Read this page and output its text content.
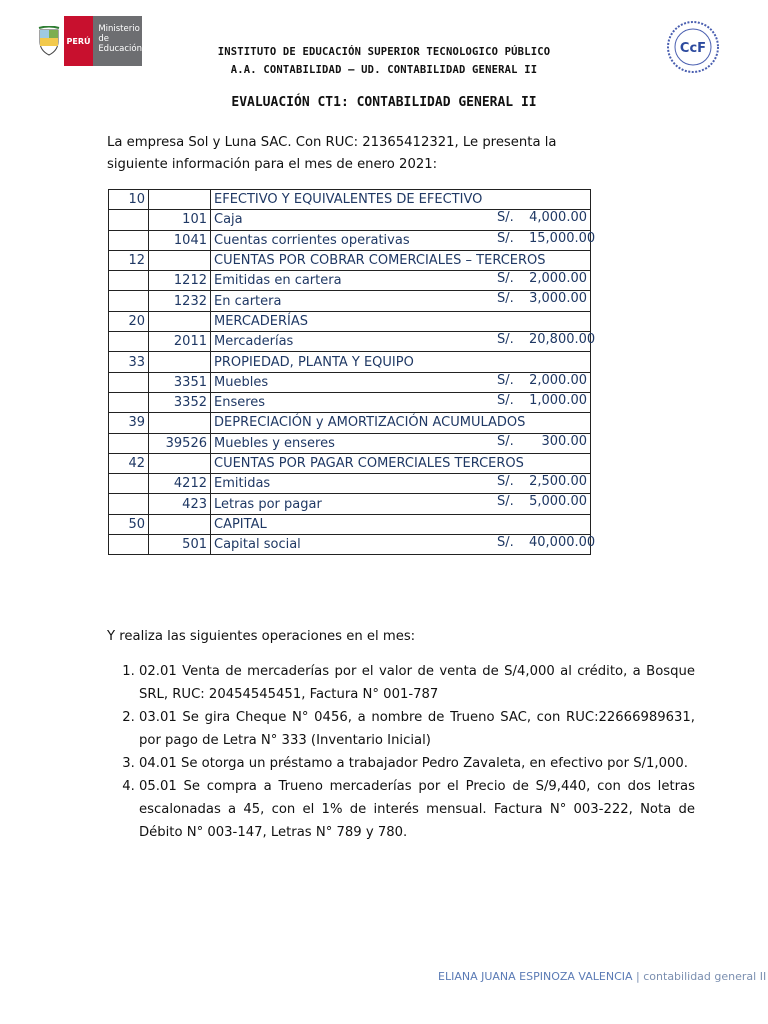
PERÚ
Ministerio
de Educación	CcF
INSTITUTO DE EDUCACIÓN SUPERIOR TECNOLOGICO PÚBLICO
A.A. CONTABILIDAD – UD. CONTABILIDAD GENERAL II
EVALUACIÓN CT1: CONTABILIDAD GENERAL II
La empresa Sol y Luna SAC. Con RUC: 21365412321, Le presenta la siguiente información para el mes de enero 2021:
10		EFECTIVO Y EQUIVALENTES DE EFECTIVO

	101	Caja S/. 4,000.00

	1041	Cuentas corrientes operativas S/. 15,000.00

12		CUENTAS POR COBRAR COMERCIALES – TERCEROS

	1212	Emitidas en cartera S/. 2,000.00

	1232	En cartera S/. 3,000.00

20		MERCADERÍAS

	2011	Mercaderías S/. 20,800.00

33		PROPIEDAD, PLANTA Y EQUIPO

	3351	Muebles S/. 2,000.00

	3352	Enseres S/. 1,000.00

39		DEPRECIACIÓN y AMORTIZACIÓN ACUMULADOS

	39526	Muebles y enseres S/. 300.00

42		CUENTAS POR PAGAR COMERCIALES TERCEROS

	4212	Emitidas S/. 2,500.00

	423	Letras por pagar S/. 5,000.00

50		CAPITAL

	501	Capital social S/. 40,000.00
Y realiza las siguientes operaciones en el mes:
1. 02.01 Venta de mercaderías por el valor de venta de S/4,000 al crédito, a Bosque SRL, RUC: 20454545451, Factura N° 001-787
2. 03.01 Se gira Cheque N° 0456, a nombre de Trueno SAC, con RUC:22666989631, por pago de Letra N° 333 (Inventario Inicial)
3. 04.01 Se otorga un préstamo a trabajador Pedro Zavaleta, en efectivo por S/1,000.
4. 05.01 Se compra a Trueno mercaderías por el Precio de S/9,440, con dos letras escalonadas a 45, con el 1% de interés mensual. Factura N° 003-222, Nota de Débito N° 003-147, Letras N° 789 y 780.
ELIANA JUANA ESPINOZA VALENCIA | contabilidad general II
